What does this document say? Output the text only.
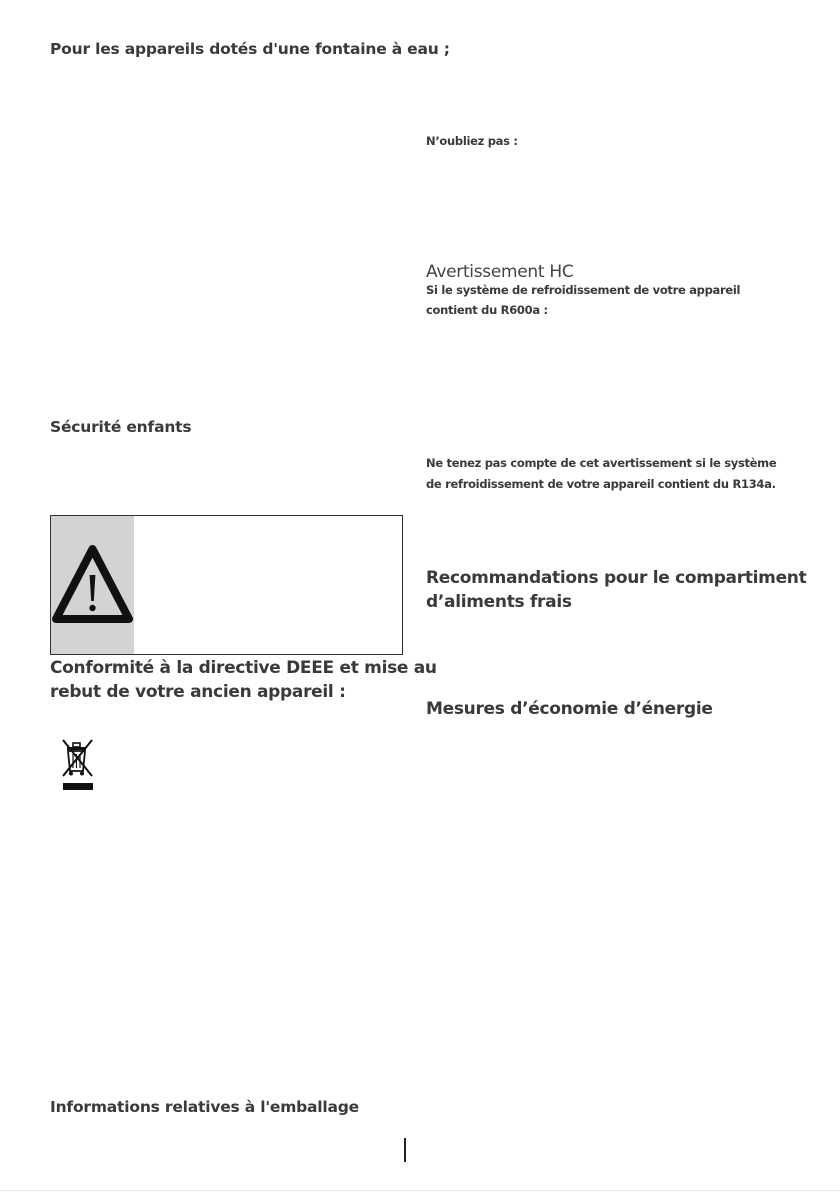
Pour les appareils dotés d'une fontaine à eau ;

Sécurité enfants

Conformité à la directive DEEE et mise au

rebut de votre ancien appareil :

Informations relatives à l'emballage

N’oubliez pas :

Avertissement HC

Si le système de refroidissement de votre appareil

contient du R600a :

Ne tenez pas compte de cet avertissement si le système

de refroidissement de votre appareil contient du R134a.

Recommandations pour le compartiment

d’aliments frais

Mesures d’économie d’énergie
